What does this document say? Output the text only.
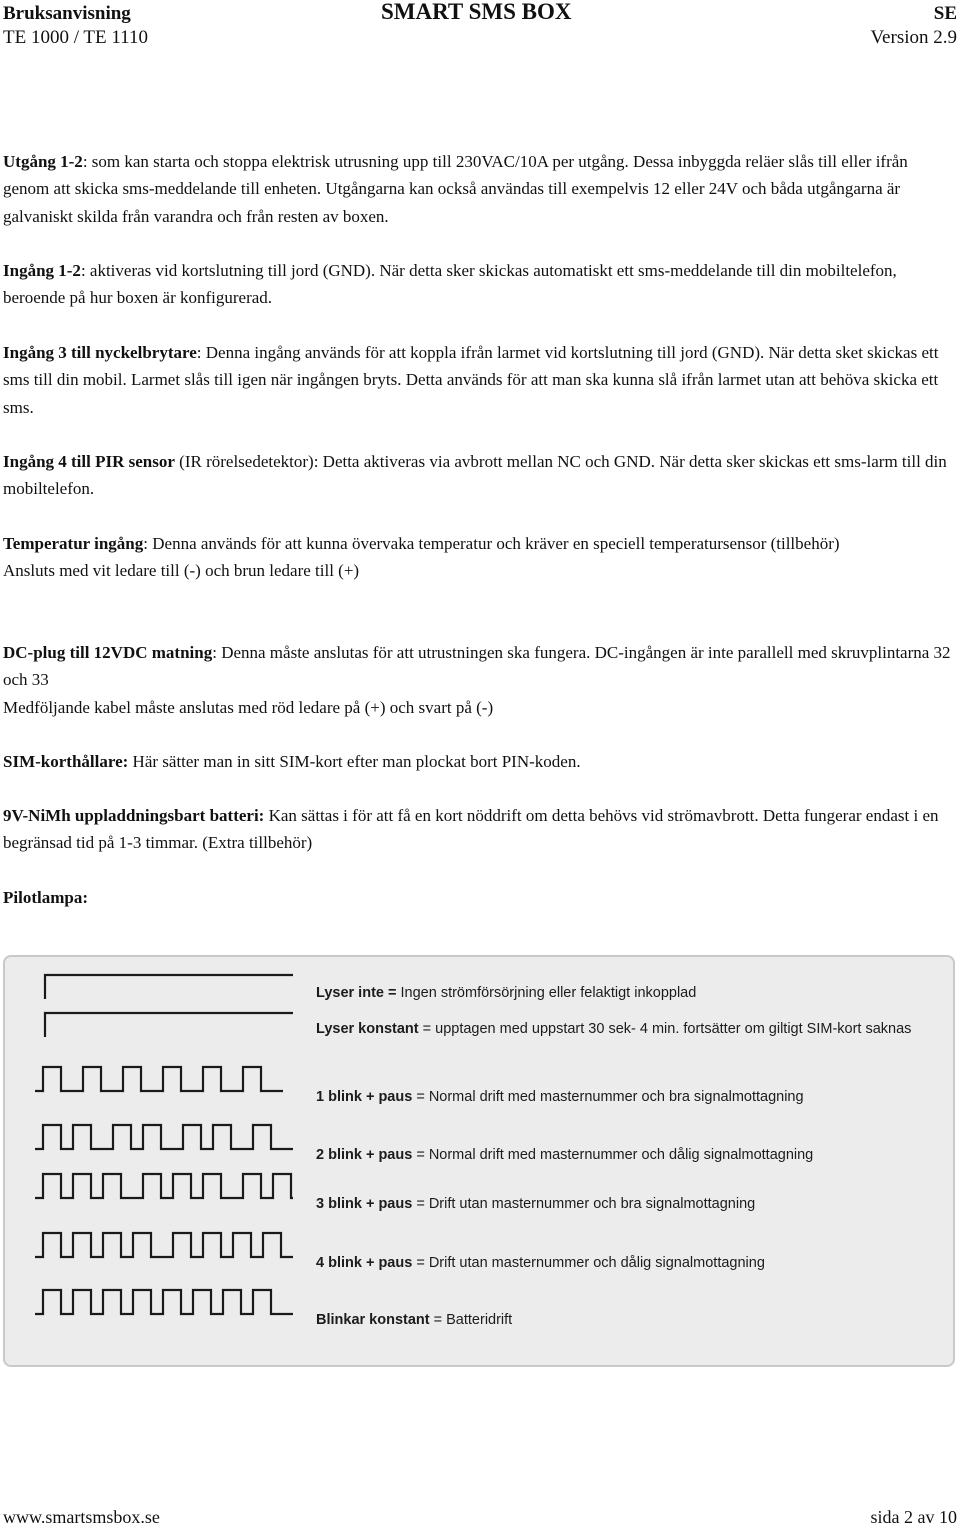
Bruksanvisning
TE 1000 / TE 1110
SMART SMS BOX	SE
Version 2.9

Utgång 1-2: som kan starta och stoppa elektrisk utrusning upp till 230VAC/10A per utgång. Dessa inbyggda reläer slås till eller ifrån genom att skicka sms-meddelande till enheten. Utgångarna kan också användas till exempelvis 12 eller 24V och båda utgångarna är galvaniskt skilda från varandra och från resten av boxen.

Ingång 1-2: aktiveras vid kortslutning till jord (GND). När detta sker skickas automatiskt ett sms-meddelande till din mobiltelefon, beroende på hur boxen är konfigurerad.

Ingång 3 till nyckelbrytare: Denna ingång används för att koppla ifrån larmet vid kortslutning till jord (GND). När detta sket skickas ett sms till din mobil. Larmet slås till igen när ingången bryts. Detta används för att man ska kunna slå ifrån larmet utan att behöva skicka ett sms.

Ingång 4 till PIR sensor (IR rörelsedetektor): Detta aktiveras via avbrott mellan NC och GND. När detta sker skickas ett sms-larm till din mobiltelefon.

Temperatur ingång: Denna används för att kunna övervaka temperatur och kräver en speciell temperatursensor (tillbehör)
Ansluts med vit ledare till (-) och brun ledare till (+)

DC-plug till 12VDC matning: Denna måste anslutas för att utrustningen ska fungera. DC-ingången är inte parallell med skruvplintarna 32 och 33
Medföljande kabel måste anslutas med röd ledare på (+) och svart på (-)

SIM-korthållare: Här sätter man in sitt SIM-kort efter man plockat bort PIN-koden.

9V-NiMh uppladdningsbart batteri: Kan sättas i för att få en kort nöddrift om detta behövs vid strömavbrott. Detta fungerar endast i en begränsad tid på 1-3 timmar. (Extra tillbehör)

Pilotlampa:

Lyser inte = Ingen strömförsörjning eller felaktigt inkopplad
Lyser konstant = upptagen med uppstart 30 sek- 4 min. fortsätter om giltigt SIM-kort saknas
1 blink + paus = Normal drift med masternummer och bra signalmottagning
2 blink + paus = Normal drift med masternummer och dålig signalmottagning
3 blink + paus = Drift utan masternummer och bra signalmottagning
4 blink + paus = Drift utan masternummer och dålig signalmottagning
Blinkar konstant = Batteridrift
www.smartsmsbox.se	sida 2 av 10
